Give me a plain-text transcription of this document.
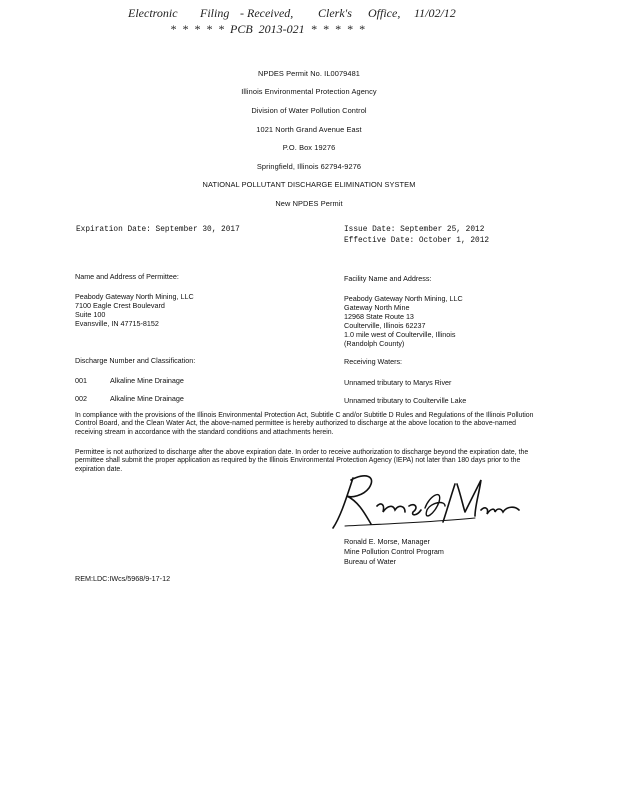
Electronic Filing - Received, Clerk's Office, 11/02/12
* * * * * PCB 2013-021 * * * * *
NPDES Permit No. IL0079481
Illinois Environmental Protection Agency
Division of Water Pollution Control
1021 North Grand Avenue East
P.O. Box 19276
Springfield, Illinois 62794-9276
NATIONAL POLLUTANT DISCHARGE ELIMINATION SYSTEM
New NPDES Permit
Expiration Date: September 30, 2017	Issue Date: September 25, 2012
Effective Date: October 1, 2012
Name and Address of Permittee:
Peabody Gateway North Mining, LLC
7100 Eagle Crest Boulevard
Suite 100
Evansville, IN 47715-8152
Facility Name and Address:
Peabody Gateway North Mining, LLC
Gateway North Mine
12968 State Route 13
Coulterville, Illinois 62237
1.0 mile west of Coulterville, Illinois
(Randolph County)
Discharge Number and Classification:	Receiving Waters:
001	Alkaline Mine Drainage	Unnamed tributary to Marys River
002	Alkaline Mine Drainage	Unnamed tributary to Coulterville Lake
In compliance with the provisions of the Illinois Environmental Protection Act, Subtitle C and/or Subtitle D Rules and Regulations of the Illinois Pollution Control Board, and the Clean Water Act, the above-named permittee is hereby authorized to discharge at the above location to the above-named receiving stream in accordance with the standard conditions and attachments herein.
Permittee is not authorized to discharge after the above expiration date. In order to receive authorization to discharge beyond the expiration date, the permittee shall submit the proper application as required by the Illinois Environmental Protection Agency (IEPA) not later than 180 days prior to the expiration date.
Ronald E. Morse, Manager
Mine Pollution Control Program
Bureau of Water
REM:LDC:IWcs/5968/9-17-12
